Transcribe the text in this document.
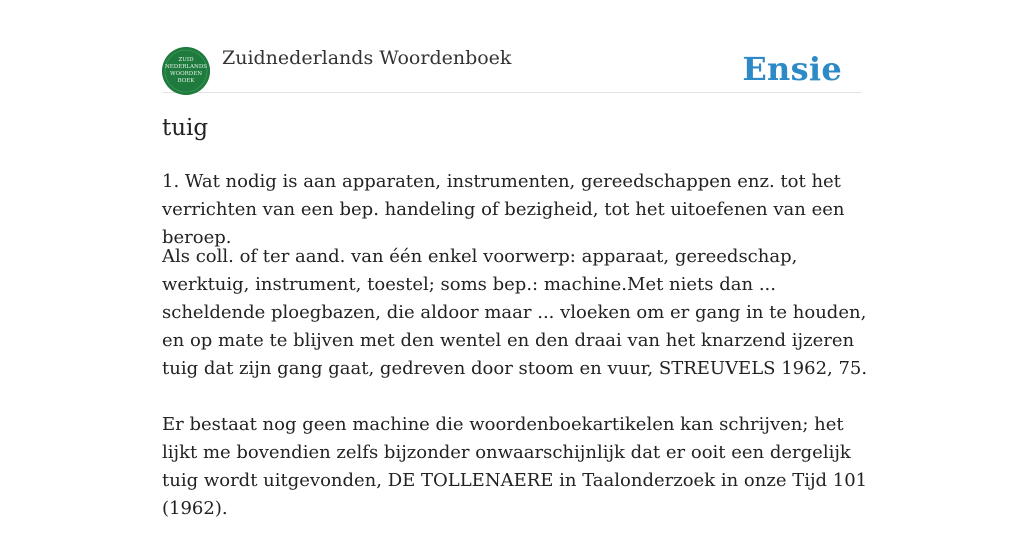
ZUID
NEDERLANDS
WOORDEN
BOEK
Zuidnederlands Woordenboek	Ensie
tuig
1. Wat nodig is aan apparaten, instrumenten, gereedschappen enz. tot het verrichten van een bep. handeling of bezigheid, tot het uitoefenen van een beroep.

Als coll. of ter aand. van één enkel voorwerp: apparaat, gereedschap, werktuig, instrument, toestel; soms bep.: machine.Met niets dan ... scheldende ploegbazen, die aldoor maar ... vloeken om er gang in te houden, en op mate te blijven met den wentel en den draai van het knarzend ijzeren tuig dat zijn gang gaat, gedreven door stoom en vuur, STREUVELS 1962, 75.

Er bestaat nog geen machine die woordenboekartikelen kan schrijven; het lijkt me bovendien zelfs bijzonder onwaarschijnlijk dat er ooit een dergelijk tuig wordt uitgevonden, DE TOLLENAERE in Taalonderzoek in onze Tijd 101 (1962).
